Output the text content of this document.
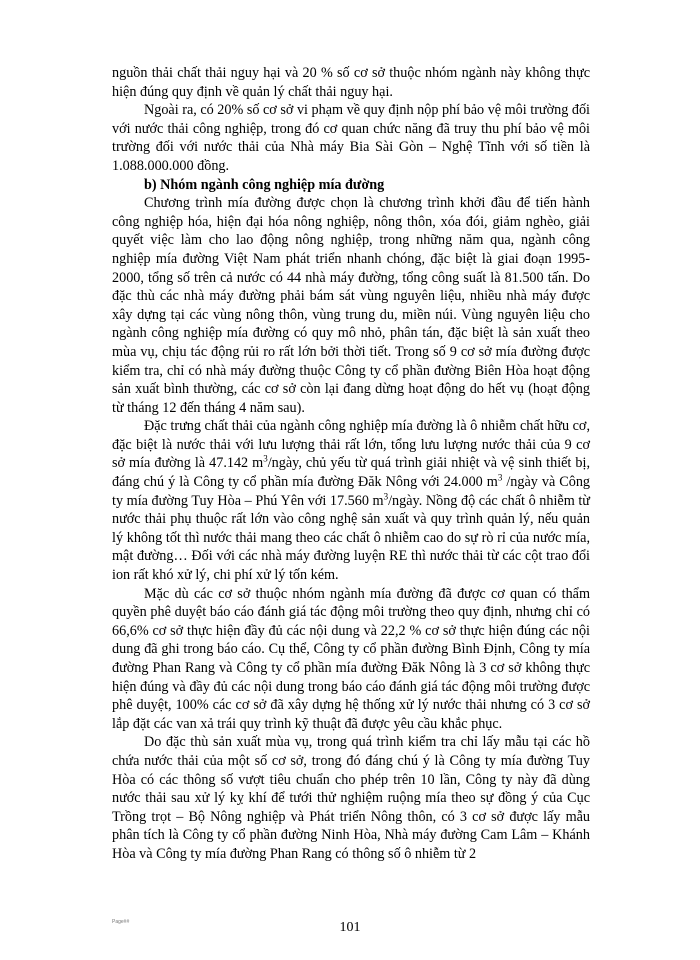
nguồn thải chất thải nguy hại và 20 % số cơ sở thuộc nhóm ngành này không thực hiện đúng quy định về quản lý chất thải nguy hại.

Ngoài ra, có 20% số cơ sở vi phạm về quy định nộp phí bảo vệ môi trường đối với nước thải công nghiệp, trong đó cơ quan chức năng đã truy thu phí bảo vệ môi trường đối với nước thải của Nhà máy Bia Sài Gòn – Nghệ Tĩnh với số tiền là 1.088.000.000 đồng.

b) Nhóm ngành công nghiệp mía đường

Chương trình mía đường được chọn là chương trình khởi đầu để tiến hành công nghiệp hóa, hiện đại hóa nông nghiệp, nông thôn, xóa đói, giảm nghèo, giải quyết việc làm cho lao động nông nghiệp, trong những năm qua, ngành công nghiệp mía đường Việt Nam phát triển nhanh chóng, đặc biệt là giai đoạn 1995-2000, tổng số trên cả nước có 44 nhà máy đường, tổng công suất là 81.500 tấn. Do đặc thù các nhà máy đường phải bám sát vùng nguyên liệu, nhiều nhà máy được xây dựng tại các vùng nông thôn, vùng trung du, miền núi. Vùng nguyên liệu cho ngành công nghiệp mía đường có quy mô nhỏ, phân tán, đặc biệt là sản xuất theo mùa vụ, chịu tác động rủi ro rất lớn bởi thời tiết. Trong số 9 cơ sở mía đường được kiểm tra, chỉ có nhà máy đường thuộc Công ty cổ phần đường Biên Hòa hoạt động sản xuất bình thường, các cơ sở còn lại đang dừng hoạt động do hết vụ (hoạt động từ tháng 12 đến tháng 4 năm sau).

Đặc trưng chất thải của ngành công nghiệp mía đường là ô nhiễm chất hữu cơ, đặc biệt là nước thải với lưu lượng thải rất lớn, tổng lưu lượng nước thải của 9 cơ sở mía đường là 47.142 $m^3$/ngày, chủ yếu từ quá trình giải nhiệt và vệ sinh thiết bị, đáng chú ý là Công ty cổ phần mía đường Đăk Nông với 24.000 $m^3$ /ngày và Công ty mía đường Tuy Hòa – Phú Yên với 17.560 $m^3$/ngày. Nồng độ các chất ô nhiễm từ nước thải phụ thuộc rất lớn vào công nghệ sản xuất và quy trình quản lý, nếu quản lý không tốt thì nước thải mang theo các chất ô nhiễm cao do sự rò rỉ của nước mía, mật đường… Đối với các nhà máy đường luyện RE thì nước thải từ các cột trao đổi ion rất khó xử lý, chi phí xử lý tốn kém.

Mặc dù các cơ sở thuộc nhóm ngành mía đường đã được cơ quan có thẩm quyền phê duyệt báo cáo đánh giá tác động môi trường theo quy định, nhưng chỉ có 66,6% cơ sở thực hiện đầy đủ các nội dung và 22,2 % cơ sở thực hiện đúng các nội dung đã ghi trong báo cáo. Cụ thể, Công ty cổ phần đường Bình Định, Công ty mía đường Phan Rang và Công ty cổ phần mía đường Đăk Nông là 3 cơ sở không thực hiện đúng và đầy đủ các nội dung trong báo cáo đánh giá tác động môi trường được phê duyệt, 100% các cơ sở đã xây dựng hệ thống xử lý nước thải nhưng có 3 cơ sở lắp đặt các van xả trái quy trình kỹ thuật đã được yêu cầu khắc phục.

Do đặc thù sản xuất mùa vụ, trong quá trình kiểm tra chỉ lấy mẫu tại các hồ chứa nước thải của một số cơ sở, trong đó đáng chú ý là Công ty mía đường Tuy Hòa có các thông số vượt tiêu chuẩn cho phép trên 10 lần, Công ty này đã dùng nước thải sau xử lý kỵ khí để tưới thử nghiệm ruộng mía theo sự đồng ý của Cục Trồng trọt – Bộ Nông nghiệp và Phát triển Nông thôn, có 3 cơ sở được lấy mẫu phân tích là Công ty cổ phần đường Ninh Hòa, Nhà máy đường Cam Lâm – Khánh Hòa và Công ty mía đường Phan Rang có thông số ô nhiễm từ 2

Page##	101
